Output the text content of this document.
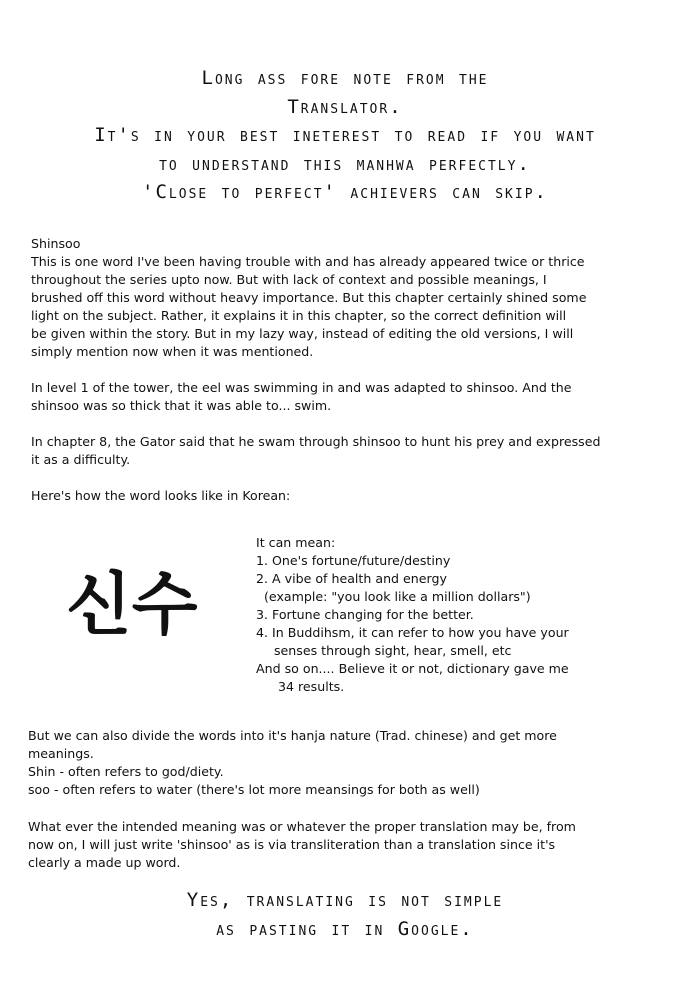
Long ass fore note from the
Translator.
It's in your best ineterest to read if you want
to understand this manhwa perfectly.
'Close to perfect' achievers can skip.
Shinsoo
This is one word I've been having trouble with and has already appeared twice or thrice
throughout the series upto now. But with lack of context and possible meanings, I
brushed off this word without heavy importance. But this chapter certainly shined some
light on the subject. Rather, it explains it in this chapter, so the correct definition will
be given within the story. But in my lazy way, instead of editing the old versions, I will
simply mention now when it was mentioned.
In level 1 of the tower, the eel was swimming in and was adapted to shinsoo. And the
shinsoo was so thick that it was able to... swim.
In chapter 8, the Gator said that he swam through shinsoo to hunt his prey and expressed
it as a difficulty.
Here's how the word looks like in Korean:
신수
It can mean:
1. One's fortune/future/destiny
2. A vibe of health and energy
(example: "you look like a million dollars")
3. Fortune changing for the better.
4. In Buddihsm, it can refer to how you have your
senses through sight, hear, smell, etc
And so on.... Believe it or not, dictionary gave me
34 results.
But we can also divide the words into it's hanja nature (Trad. chinese) and get more
meanings.
Shin - often refers to god/diety.
soo - often refers to water (there's lot more meansings for both as well)
What ever the intended meaning was or whatever the proper translation may be, from
now on, I will just write 'shinsoo' as is via transliteration than a translation since it's
clearly a made up word.
Yes, translating is not simple
as pasting it in Google.
